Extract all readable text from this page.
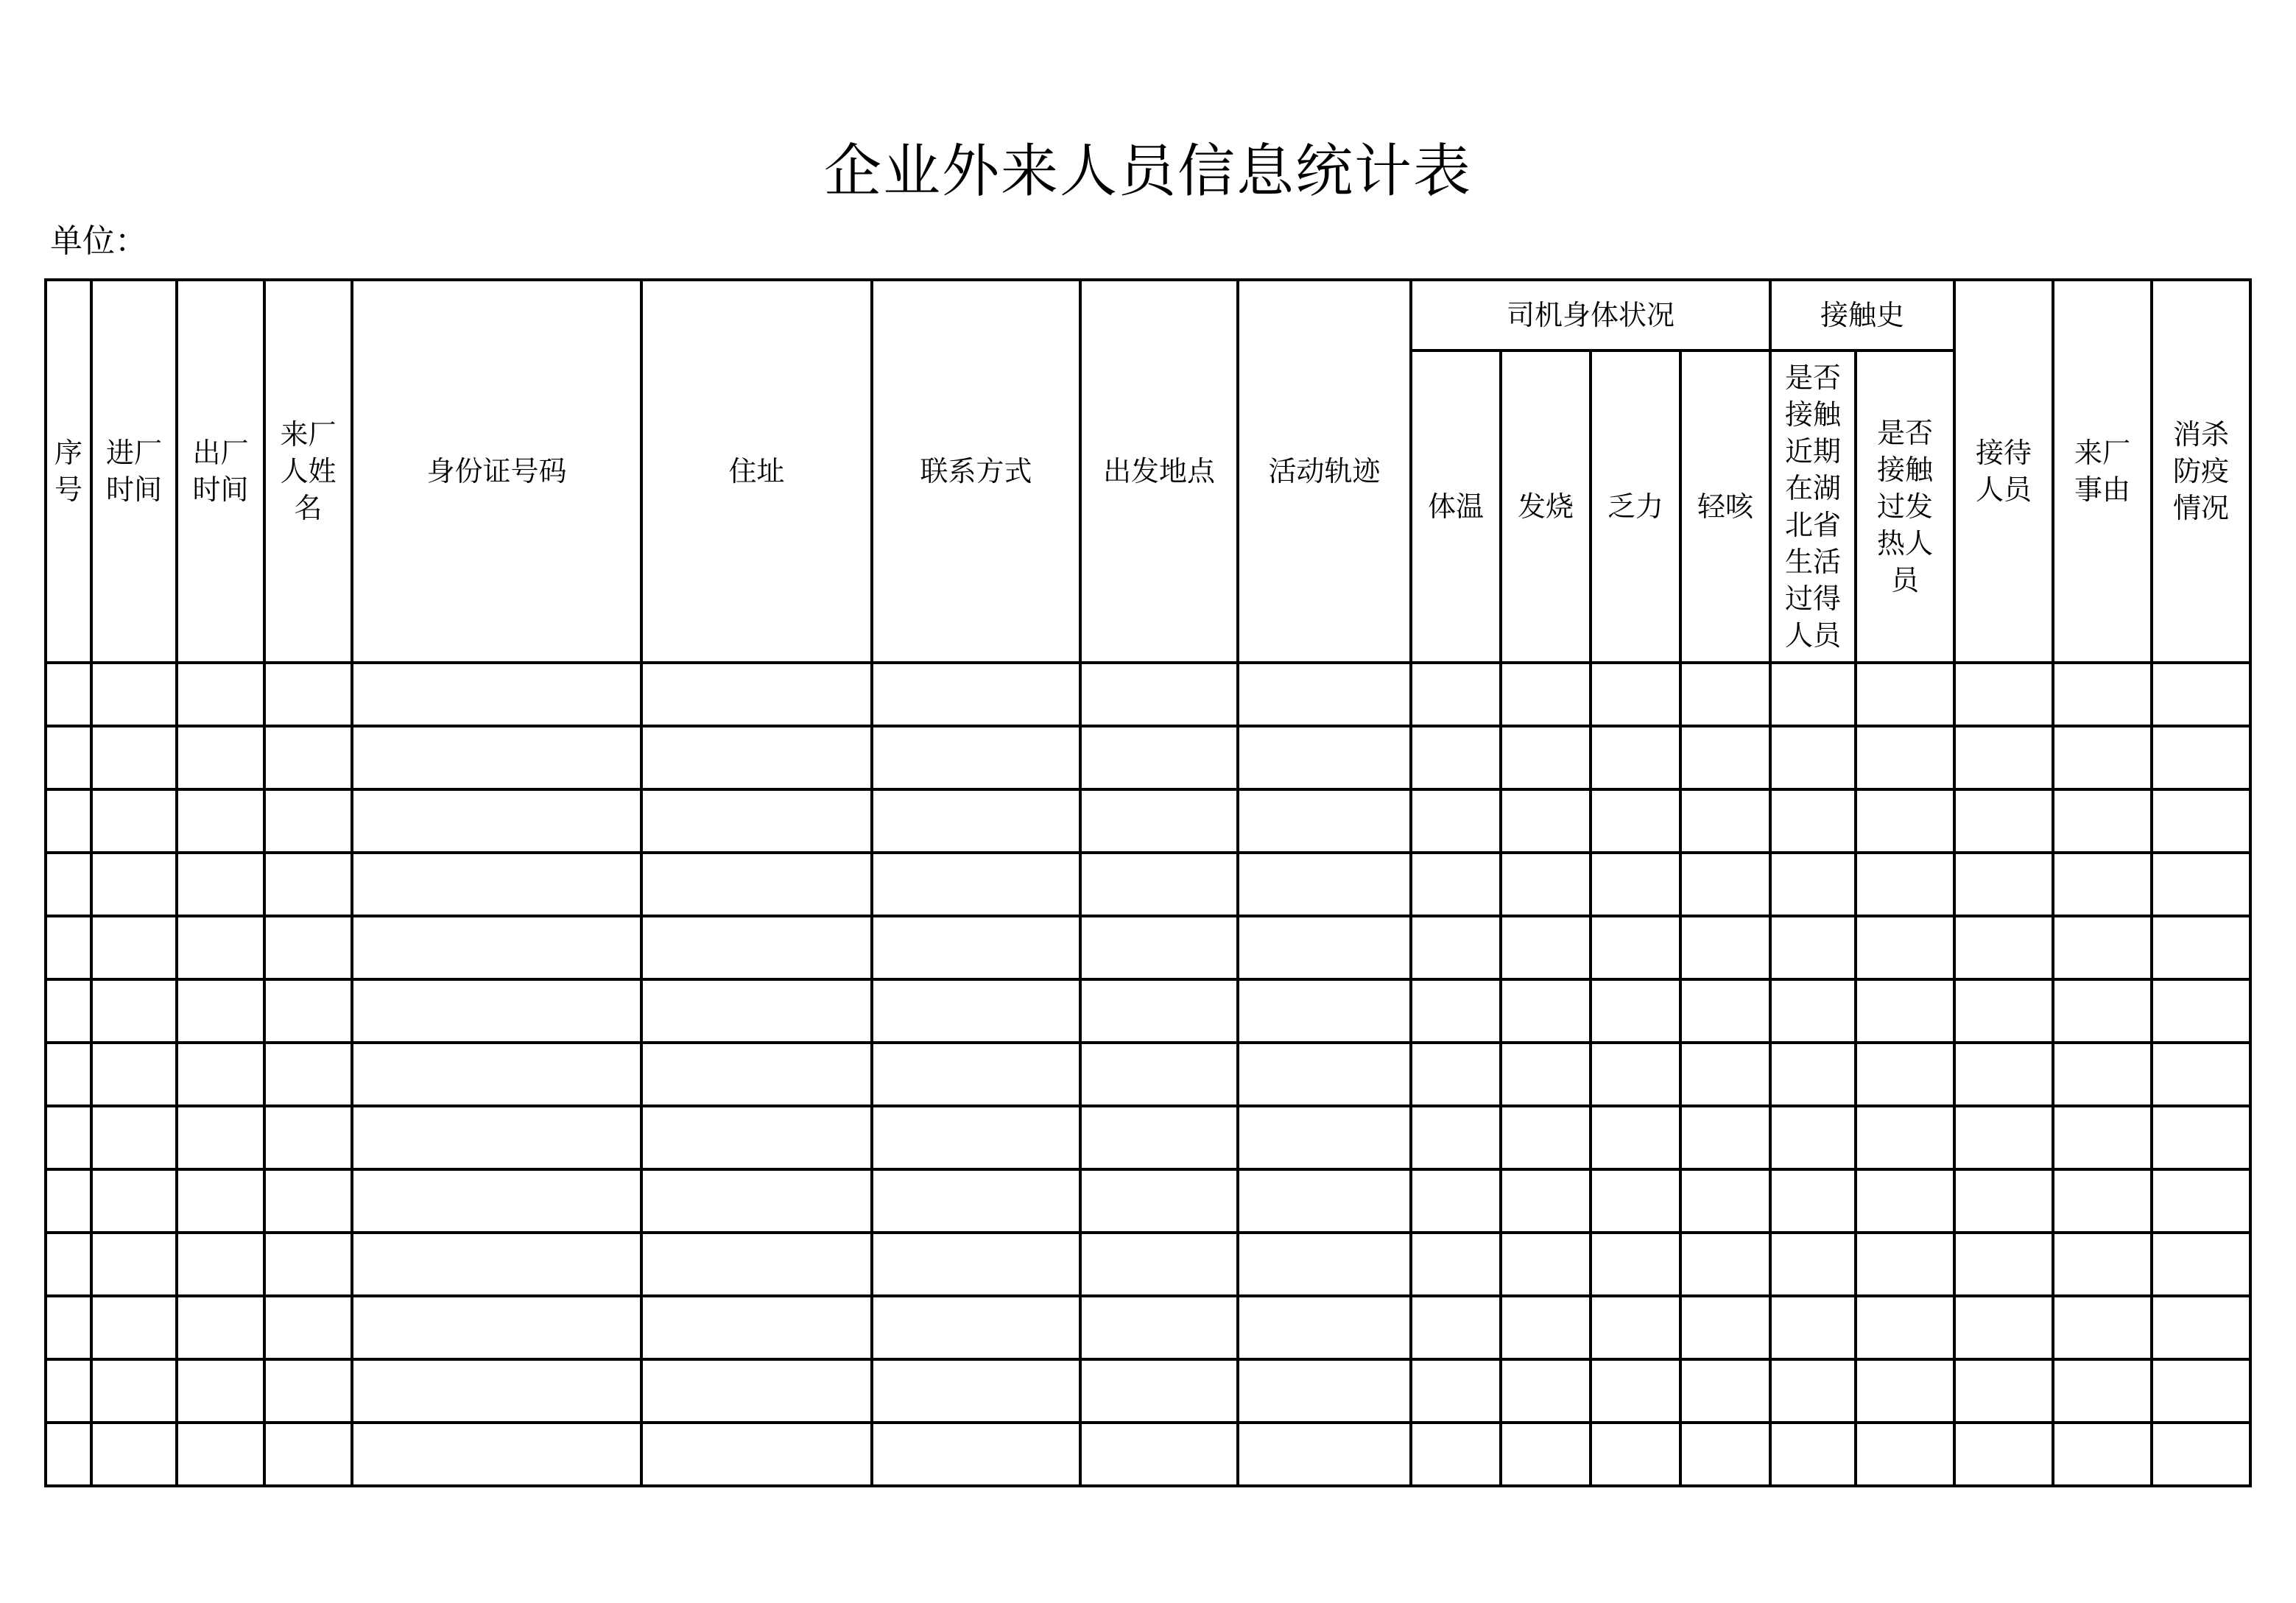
企业外来人员信息统计表
单位：
序号	进厂时间	出厂时间	来厂人姓名	身份证号码	住址	联系方式	出发地点	活动轨迹	司机身体状况				接触史		接待人员	来厂事由	消杀防疫情况
									体温	发烧	乏力	轻咳	是否接触近期在湖北省生活过得人员	是否接触过发热人员			
